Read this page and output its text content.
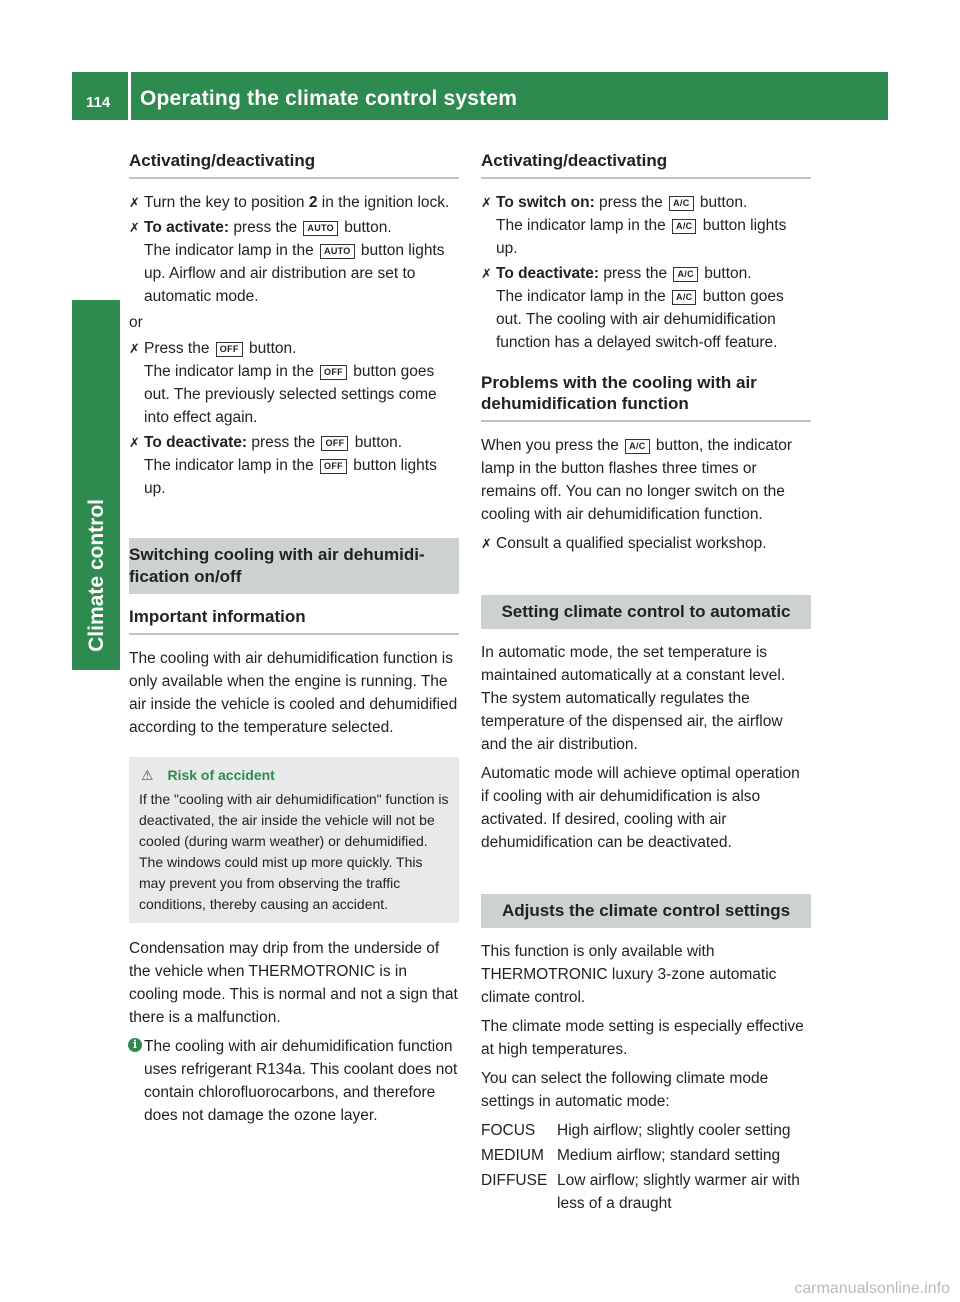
114 Operating the climate control system
Climate control
Activating/deactivating
✗ Turn the key to position 2 in the ignition lock.
✗ To activate: press the AUTO button.
The indicator lamp in the AUTO button lights up. Airflow and air distribution are set to automatic mode.
or
✗ Press the OFF button.
The indicator lamp in the OFF button goes out. The previously selected settings come into effect again.
✗ To deactivate: press the OFF button.
The indicator lamp in the OFF button lights up.
Switching cooling with air dehumidi-fication on/off
Important information

The cooling with air dehumidification function is only available when the engine is running. The air inside the vehicle is cooled and dehumidified according to the temperature selected.

⚠ Risk of accident
If the "cooling with air dehumidification" function is deactivated, the air inside the vehicle will not be cooled (during warm weather) or dehumidified. The windows could mist up more quickly. This may prevent you from observing the traffic conditions, thereby causing an accident.

Condensation may drip from the underside of the vehicle when THERMOTRONIC is in cooling mode. This is normal and not a sign that there is a malfunction.

i The cooling with air dehumidification function uses refrigerant R134a. This coolant does not contain chlorofluorocarbons, and therefore does not damage the ozone layer.
Activating/deactivating
✗ To switch on: press the A/C button.
The indicator lamp in the A/C button lights up.
✗ To deactivate: press the A/C button.
The indicator lamp in the A/C button goes out. The cooling with air dehumidification function has a delayed switch-off feature.
Problems with the cooling with air dehumidification function

When you press the A/C button, the indicator lamp in the button flashes three times or remains off. You can no longer switch on the cooling with air dehumidification function.

✗ Consult a qualified specialist workshop.
Setting climate control to automatic

In automatic mode, the set temperature is maintained automatically at a constant level. The system automatically regulates the temperature of the dispensed air, the airflow and the air distribution.

Automatic mode will achieve optimal operation if cooling with air dehumidification is also activated. If desired, cooling with air dehumidification can be deactivated.

Adjusts the climate control settings

This function is only available with THERMOTRONIC luxury 3-zone automatic climate control.

The climate mode setting is especially effective at high temperatures.

You can select the following climate mode settings in automatic mode:

FOCUS	High airflow; slightly cooler setting
MEDIUM Medium airflow; standard setting
DIFFUSE Low airflow; slightly warmer air with less of a draught
carmanualsonline.info
